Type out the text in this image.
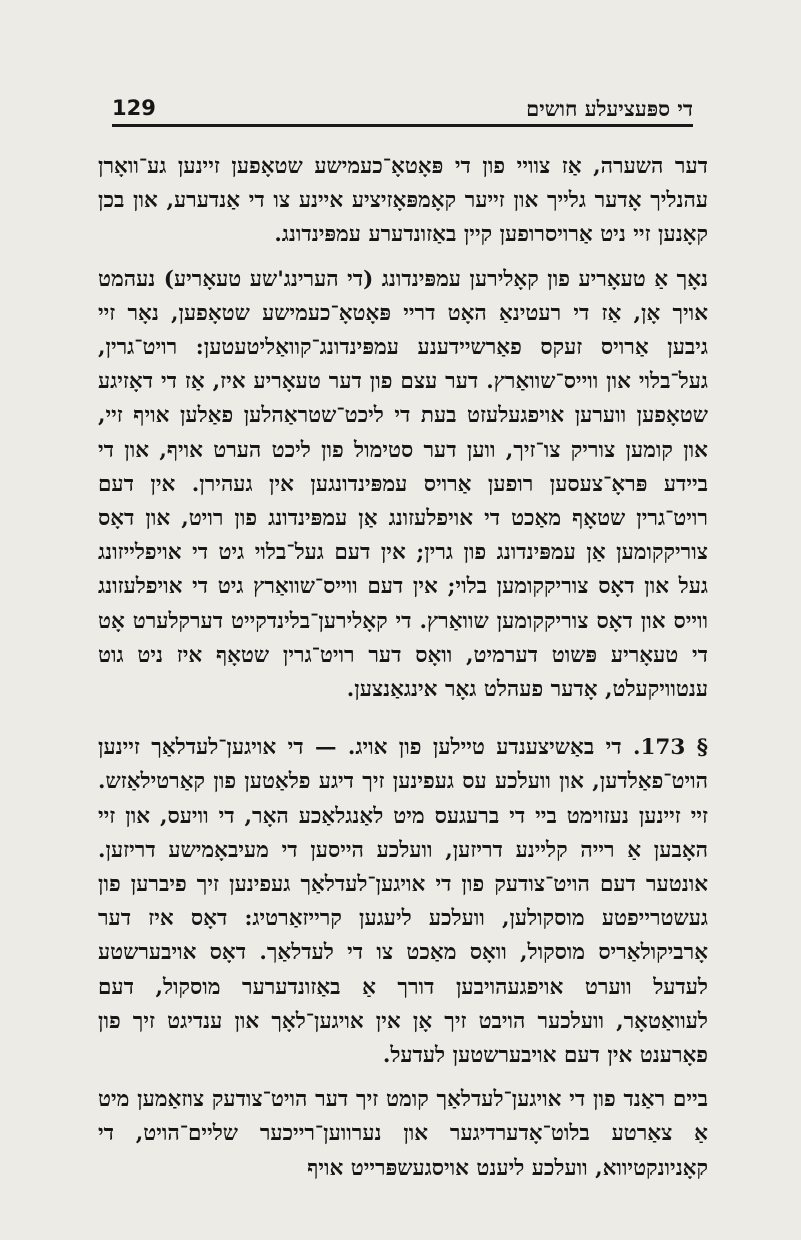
129	די ספּעציעלע חושים

דער השערה, אַז צוויי פון די פּאָטאָ־כעמישע שטאָפען זיינען גע־וואָרן עהנליך אָדער גלייך און זייער קאָמפּאָזיציע איינע צו די אַנדערע, און בכן קאָנען זיי ניט אַרויסרופען קיין באַזונדערע עמפּינדונג.

נאָך אַ טעאָריע פון קאָלירען עמפּינדונג (די הערינג'שע טעאָריע) נעהמט אויך אָן, אַז די רעטינאַ האָט דריי פּאָטאָ־כעמישע שטאָפען, נאָר זיי גיבען אַרויס זעקס פאַרשיידענע עמפּינדונג־קוואַליטעטען: רויט־גרין, געל־בלוי און ווייס־שוואַרץ. דער עצם פון דער טעאָריע איז, אַז די דאָזיגע שטאָפען ווערען אויפגעלעזט בעת די ליכט־שטראַהלען פאַלען אויף זיי, און קומען צוריק צו־זיך, ווען דער סטימול פון ליכט הערט אויף, און די ביידע פּראָ־צעסען רופען אַרויס עמפּינדונגען אין געהירן. אין דעם רויט־גרין שטאָף מאַכט די אויפלעזונג אַן עמפּינדונג פון רויט, און דאָס צוריקקומען אַן עמפּינדונג פון גרין; אין דעם געל־בלוי גיט די אויפלייזונג געל און דאָס צוריקקומען בלוי; אין דעם ווייס־שוואַרץ גיט די אויפלעזונג ווייס און דאָס צוריקקומען שוואַרץ. די קאָלירען־בלינדקייט דערקלערט אָט די טעאָריע פּשוט דערמיט, וואָס דער רויט־גרין שטאָף איז ניט גוט ענטוויקעלט, אָדער פעהלט גאָר אינגאַנצען.

§ 173. די באַשיצענדע טיילען פון אויג. — די אויגען־לעדלאַך זיינען הויט־פאַלדען, און וועלכע עס געפינען זיך דיגע פלאַטען פון קאַרטילאַזש. זיי זיינען נעזוימט ביי די ברעגעס מיט לאַנגלאַכע האָר, די וויעס, און זיי האָבען אַ רייה קליינע דריזען, וועלכע הייסען די מעיבאָמישע דריזען. אונטער דעם הויט־צודעק פון די אויגען־לעדלאַך געפינען זיך פיברען פון געשטרייפטע מוסקולען, וועלכע ליעגען קרייזאַרטיג: דאָס איז דער אָרביקולאַריס מוסקול, וואָס מאַכט צו די לעדלאַך. דאָס אויבערשטע לעדעל ווערט אויפגעהויבען דורך אַ באַזונדערער מוסקול, דעם לעוואַטאָר, וועלכער הויבט זיך אָן אין אויגען־לאָך און ענדיגט זיך פון פאָרענט אין דעם אויבערשטען לעדעל.

ביים ראַנד פון די אויגען־לעדלאַך קומט זיך דער הויט־צודעק צוזאַמען מיט אַ צאַרטע בלוט־אָדערדיגער און נערווען־רייכער שליים־הויט, די קאָניונקטיווא, וועלכע ליענט אויסגעשפּרייט אויף
